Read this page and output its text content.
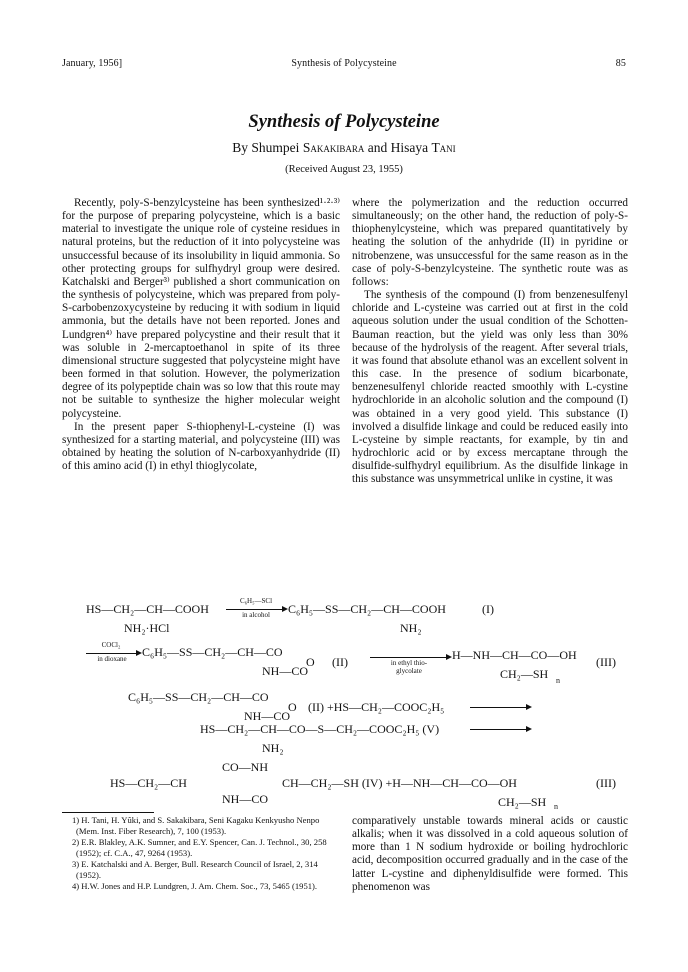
January, 1956]	Synthesis of Polycysteine	85
Synthesis of Polycysteine
By Shumpei Sakakibara and Hisaya Tani
(Received August 23, 1955)

Recently, poly-S-benzylcysteine has been synthesized¹·²·³⁾ for the purpose of preparing polycysteine, which is a basic material to investigate the unique role of cysteine residues in natural proteins, but the reduction of it into polycysteine was unsuccessful because of its insolubility in liquid ammonia. So other protecting groups for sulfhydryl group were desired. Katchalski and Berger³⁾ published a short communication on the synthesis of polycysteine, which was prepared from poly-S-carbobenzoxycysteine by reducing it with sodium in liquid ammonia, but the details have not been reported. Jones and Lundgren⁴⁾ have prepared polycystine and their result that it was soluble in 2-mercaptoethanol in spite of its three dimensional structure suggested that polycysteine might have been formed in that solution. However, the polymerization degree of its polypeptide chain was so low that this route may not be suitable to synthesize the higher molecular weight polycysteine.

In the present paper S-thiophenyl-L-cysteine (I) was synthesized for a starting material, and polycysteine (III) was obtained by heating the solution of N-carboxyanhydride (II) of this amino acid (I) in ethyl thioglycolate,

where the polymerization and the reduction occurred simultaneously; on the other hand, the reduction of poly-S-thiophenylcysteine, which was prepared quantitatively by heating the solution of the anhydride (II) in pyridine or nitrobenzene, was unsuccessful for the same reason as in the case of poly-S-benzylcysteine. The synthetic route was as follows:

The synthesis of the compound (I) from benzenesulfenyl chloride and L-cysteine was carried out at first in the cold aqueous solution under the usual condition of the Schotten-Bauman reaction, but the yield was only less than 30% because of the hydrolysis of the reagent. After several trials, it was found that absolute ethanol was an excellent solvent in this case. In the presence of sodium bicarbonate, benzenesulfenyl chloride reacted smoothly with L-cystine hydrochloride in an alcoholic solution and the compound (I) was obtained in a very good yield. This substance (I) involved a disulfide linkage and could be reduced easily into L-cysteine by simple reactants, for example, by tin and hydrochloric acid or by excess mercaptane through the disulfide-sulfhydryl equilibrium. As the disulfide linkage in this substance was unsymmetrical unlike in cystine, it was

HS—CH₂—CH—COOH
NH₂·HCl
C₆H₅—SCl
in alcohol	C₆H₅—SS—CH₂—CH—COOH
NH₂
(I)
COCl₂
in dioxane	C₆H₅—SS—CH₂—CH—CO
NH—CO
O (II)	in ethyl thio-
glycolate
H—NH—CH—CO—OH
CH₂—SH n
(III)
C₆H₅—SS—CH₂—CH—CO
NH—CO
O (II) +HS—CH₂—COOC₂H₅
HS—CH₂—CH—CO—S—CH₂—COOC₂H₅ (V)
NH₂
CO—NH
HS—CH₂—CH	CH—CH₂—SH (IV) +H—NH—CH—CO—OH
NH—CO	CH₂—SH n
(III)

1) H. Tani, H. Yûki, and S. Sakakibara, Seni Kagaku Kenkyusho Nenpo (Mem. Inst. Fiber Research), 7, 100 (1953).

2) E.R. Blakley, A.K. Sumner, and E.Y. Spencer, Can. J. Technol., 30, 258 (1952); cf. C.A., 47, 9264 (1953).

3) E. Katchalski and A. Berger, Bull. Research Council of Israel, 2, 314 (1952).

4) H.W. Jones and H.P. Lundgren, J. Am. Chem. Soc., 73, 5465 (1951).

comparatively unstable towards mineral acids or caustic alkalis; when it was dissolved in a cold aqueous solution of more than 1 N sodium hydroxide or boiling hydrochloric acid, decomposition occurred gradually and in the case of the latter L-cystine and diphenyldisulfide were formed. This phenomenon was
